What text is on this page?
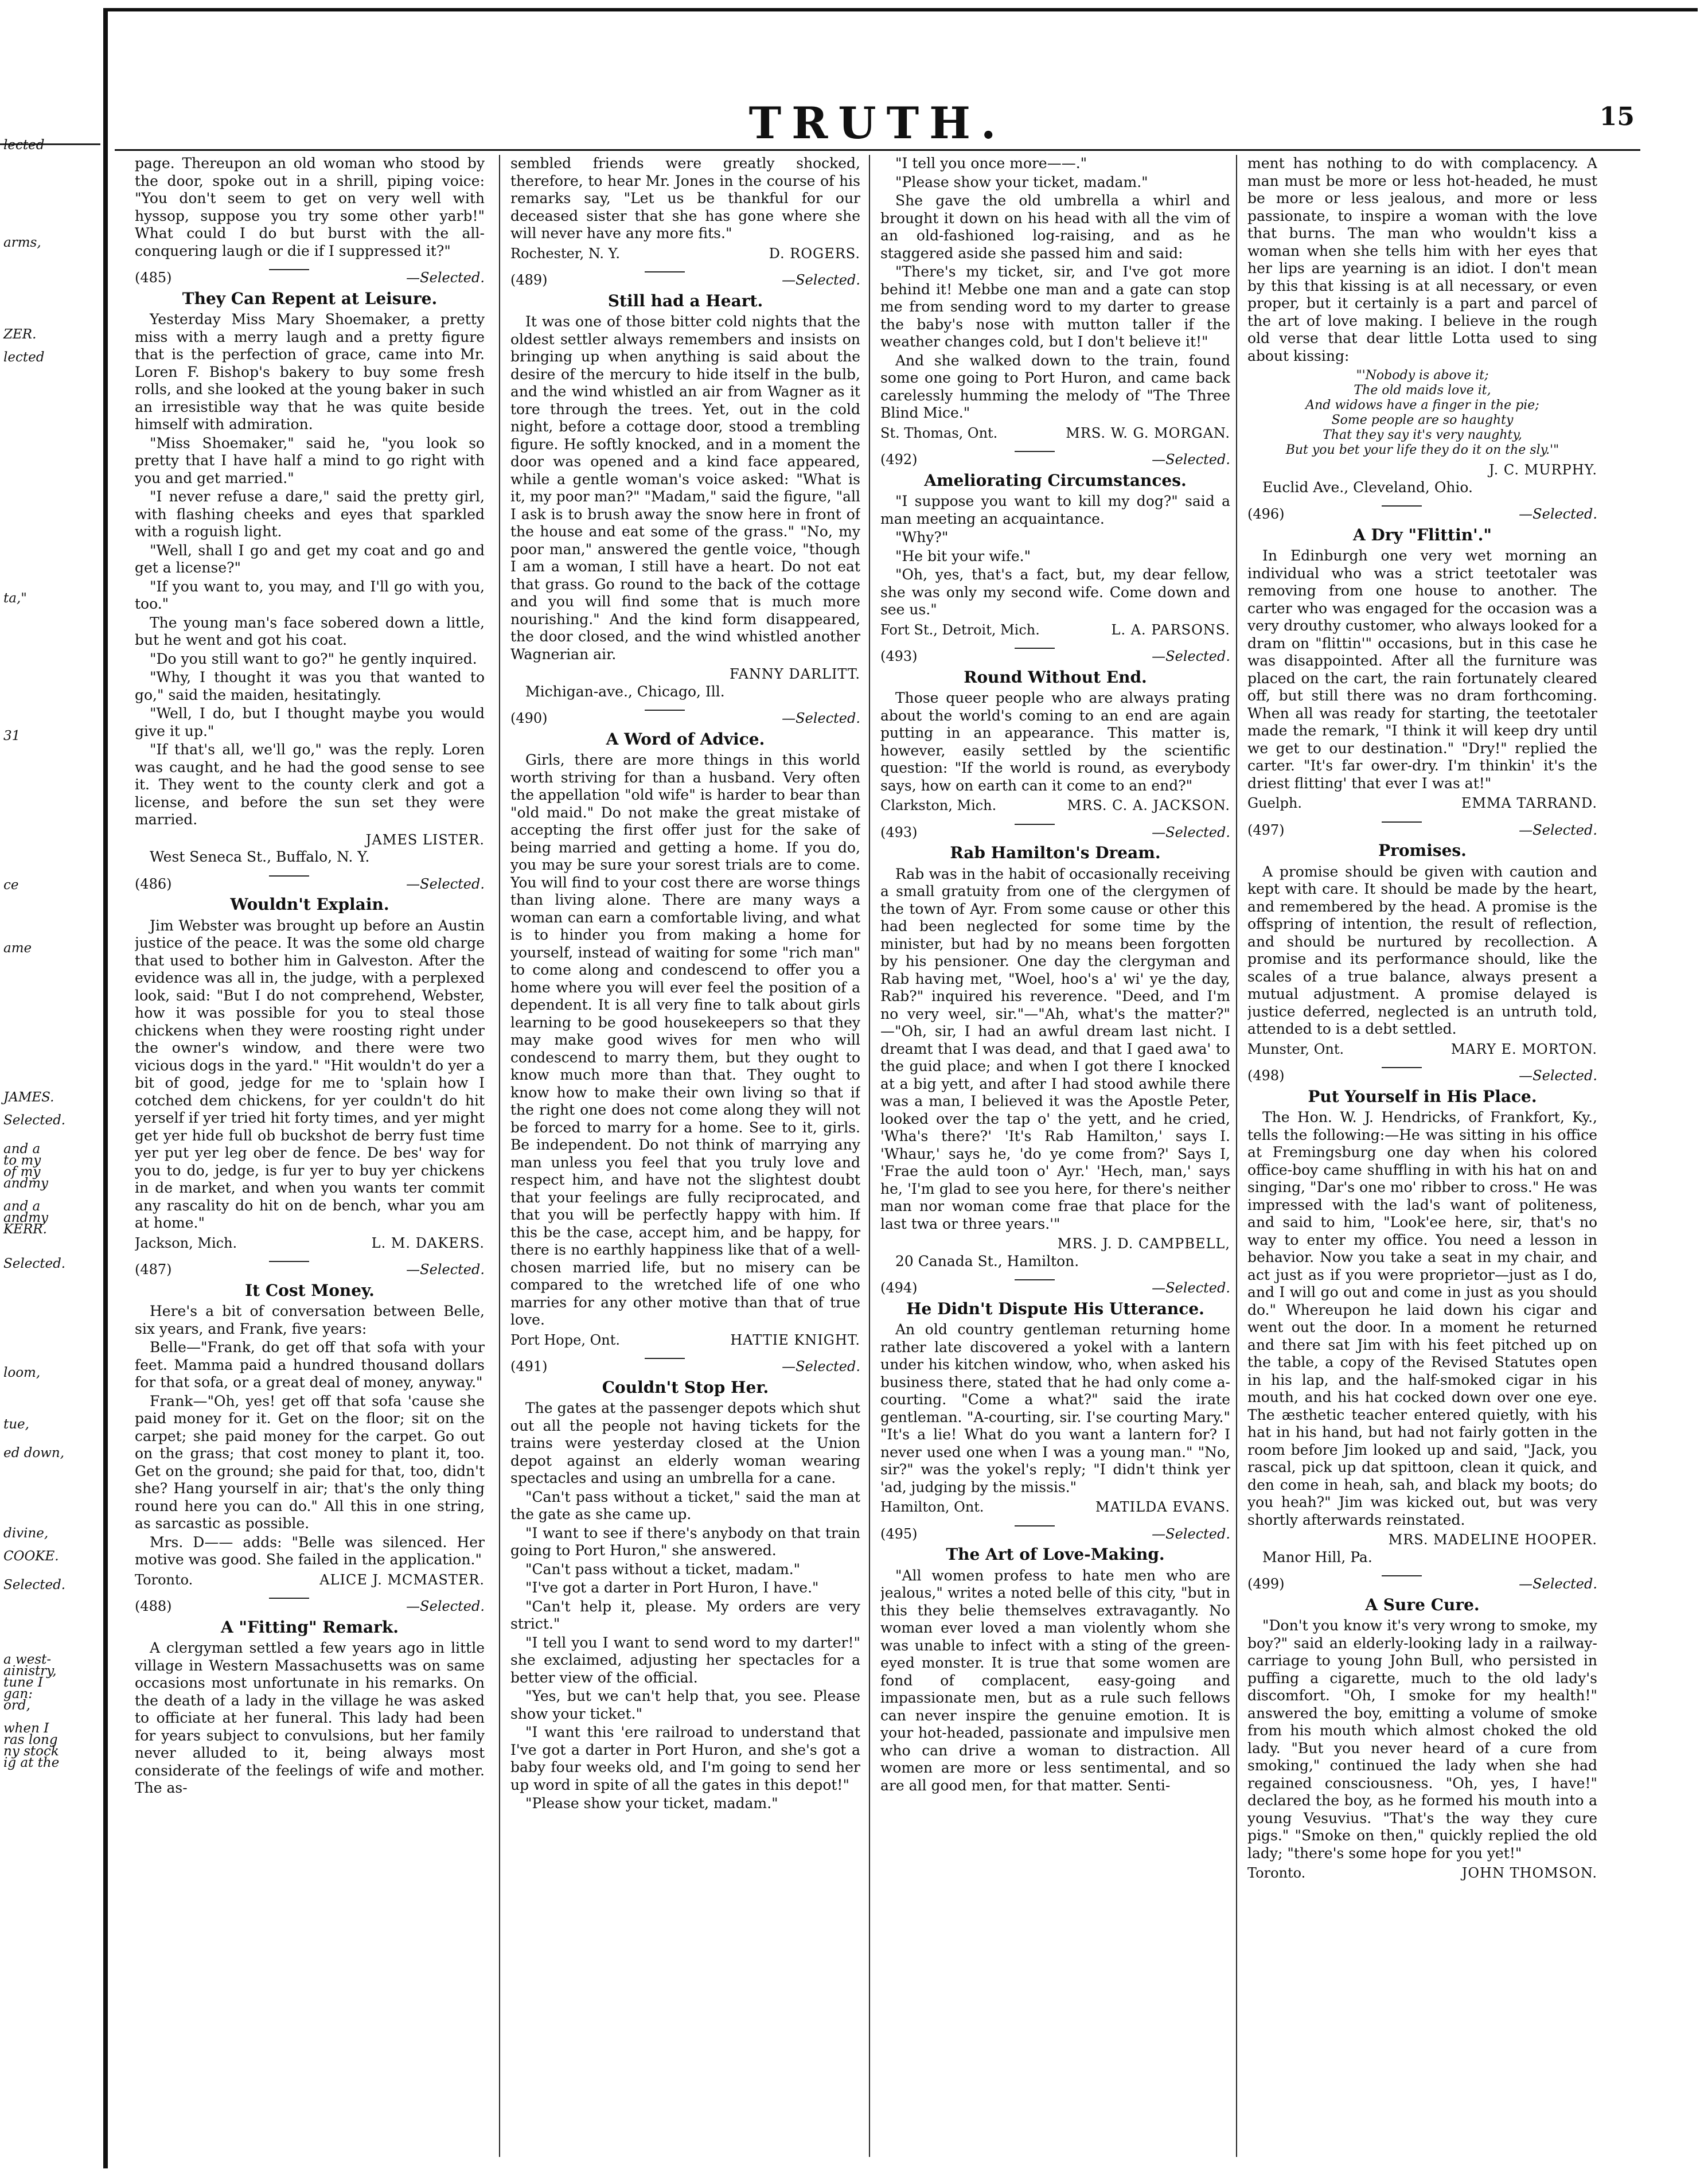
TRUTH.	15
lected
arms,
ZER.
lected
ta,"
31
ce
ame
JAMES.
Selected.
and a
to my
of my
andmy
and a
andmy
KERR.
Selected.
loom,
tue,
ed down,
divine,
COOKE.
Selected.
a west-
ainistry,
tune I
gan:
ord,
when I
ras long
ny stock
ig at the

page. Thereupon an old woman who stood by the door, spoke out in a shrill, piping voice: "You don't seem to get on very well with hyssop, suppose you try some other yarb!" What could I do but burst with the all-conquering laugh or die if I suppressed it?"

(485)	—Selected.
They Can Repent at Leisure.

Yesterday Miss Mary Shoemaker, a pretty miss with a merry laugh and a pretty figure that is the perfection of grace, came into Mr. Loren F. Bishop's bakery to buy some fresh rolls, and she looked at the young baker in such an irresistible way that he was quite beside himself with admiration.

"Miss Shoemaker," said he, "you look so pretty that I have half a mind to go right with you and get married."

"I never refuse a dare," said the pretty girl, with flashing cheeks and eyes that sparkled with a roguish light.

"Well, shall I go and get my coat and go and get a license?"

"If you want to, you may, and I'll go with you, too."

The young man's face sobered down a little, but he went and got his coat.

"Do you still want to go?" he gently inquired.

"Why, I thought it was you that wanted to go," said the maiden, hesitatingly.

"Well, I do, but I thought maybe you would give it up."

"If that's all, we'll go," was the reply. Loren was caught, and he had the good sense to see it. They went to the county clerk and got a license, and before the sun set they were married.

JAMES LISTER.
West Seneca St., Buffalo, N. Y.
(486)	—Selected.
Wouldn't Explain.

Jim Webster was brought up before an Austin justice of the peace. It was the some old charge that used to bother him in Galveston. After the evidence was all in, the judge, with a perplexed look, said: "But I do not comprehend, Webster, how it was possible for you to steal those chickens when they were roosting right under the owner's window, and there were two vicious dogs in the yard." "Hit wouldn't do yer a bit of good, jedge for me to 'splain how I cotched dem chickens, for yer couldn't do hit yerself if yer tried hit forty times, and yer might get yer hide full ob buckshot de berry fust time yer put yer leg ober de fence. De bes' way for you to do, jedge, is fur yer to buy yer chickens in de market, and when you wants ter commit any rascality do hit on de bench, whar you am at home."

Jackson, Mich.	L. M. DAKERS.
(487)	—Selected.
It Cost Money.

Here's a bit of conversation between Belle, six years, and Frank, five years:

Belle—"Frank, do get off that sofa with your feet. Mamma paid a hundred thousand dollars for that sofa, or a great deal of money, anyway."

Frank—"Oh, yes! get off that sofa 'cause she paid money for it. Get on the floor; sit on the carpet; she paid money for the carpet. Go out on the grass; that cost money to plant it, too. Get on the ground; she paid for that, too, didn't she? Hang yourself in air; that's the only thing round here you can do." All this in one string, as sarcastic as possible.

Mrs. D—— adds: "Belle was silenced. Her motive was good. She failed in the application."

Toronto.	ALICE J. MCMASTER.
(488)	—Selected.
A "Fitting" Remark.

A clergyman settled a few years ago in little village in Western Massachusetts was on same occasions most unfortunate in his remarks. On the death of a lady in the village he was asked to officiate at her funeral. This lady had been for years subject to convulsions, but her family never alluded to it, being always most considerate of the feelings of wife and mother. The as-

sembled friends were greatly shocked, therefore, to hear Mr. Jones in the course of his remarks say, "Let us be thankful for our deceased sister that she has gone where she will never have any more fits."

Rochester, N. Y.	D. ROGERS.
(489)	—Selected.
Still had a Heart.

It was one of those bitter cold nights that the oldest settler always remembers and insists on bringing up when anything is said about the desire of the mercury to hide itself in the bulb, and the wind whistled an air from Wagner as it tore through the trees. Yet, out in the cold night, before a cottage door, stood a trembling figure. He softly knocked, and in a moment the door was opened and a kind face appeared, while a gentle woman's voice asked: "What is it, my poor man?" "Madam," said the figure, "all I ask is to brush away the snow here in front of the house and eat some of the grass." "No, my poor man," answered the gentle voice, "though I am a woman, I still have a heart. Do not eat that grass. Go round to the back of the cottage and you will find some that is much more nourishing." And the kind form disappeared, the door closed, and the wind whistled another Wagnerian air.

FANNY DARLITT.
Michigan-ave., Chicago, Ill.
(490)	—Selected.
A Word of Advice.

Girls, there are more things in this world worth striving for than a husband. Very often the appellation "old wife" is harder to bear than "old maid." Do not make the great mistake of accepting the first offer just for the sake of being married and getting a home. If you do, you may be sure your sorest trials are to come. You will find to your cost there are worse things than living alone. There are many ways a woman can earn a comfortable living, and what is to hinder you from making a home for yourself, instead of waiting for some "rich man" to come along and condescend to offer you a home where you will ever feel the position of a dependent. It is all very fine to talk about girls learning to be good housekeepers so that they may make good wives for men who will condescend to marry them, but they ought to know much more than that. They ought to know how to make their own living so that if the right one does not come along they will not be forced to marry for a home. See to it, girls. Be independent. Do not think of marrying any man unless you feel that you truly love and respect him, and have not the slightest doubt that your feelings are fully reciprocated, and that you will be perfectly happy with him. If this be the case, accept him, and be happy, for there is no earthly happiness like that of a well-chosen married life, but no misery can be compared to the wretched life of one who marries for any other motive than that of true love.

Port Hope, Ont.	HATTIE KNIGHT.
(491)	—Selected.
Couldn't Stop Her.

The gates at the passenger depots which shut out all the people not having tickets for the trains were yesterday closed at the Union depot against an elderly woman wearing spectacles and using an umbrella for a cane.

"Can't pass without a ticket," said the man at the gate as she came up.

"I want to see if there's anybody on that train going to Port Huron," she answered.

"Can't pass without a ticket, madam."

"I've got a darter in Port Huron, I have."

"Can't help it, please. My orders are very strict."

"I tell you I want to send word to my darter!" she exclaimed, adjusting her spectacles for a better view of the official.

"Yes, but we can't help that, you see. Please show your ticket."

"I want this 'ere railroad to understand that I've got a darter in Port Huron, and she's got a baby four weeks old, and I'm going to send her up word in spite of all the gates in this depot!"

"Please show your ticket, madam."

"I tell you once more——."

"Please show your ticket, madam."

She gave the old umbrella a whirl and brought it down on his head with all the vim of an old-fashioned log-raising, and as he staggered aside she passed him and said:

"There's my ticket, sir, and I've got more behind it! Mebbe one man and a gate can stop me from sending word to my darter to grease the baby's nose with mutton taller if the weather changes cold, but I don't believe it!"

And she walked down to the train, found some one going to Port Huron, and came back carelessly humming the melody of "The Three Blind Mice."

St. Thomas, Ont.	MRS. W. G. MORGAN.
(492)	—Selected.
Ameliorating Circumstances.

"I suppose you want to kill my dog?" said a man meeting an acquaintance.

"Why?"

"He bit your wife."

"Oh, yes, that's a fact, but, my dear fellow, she was only my second wife. Come down and see us."

Fort St., Detroit, Mich.	L. A. PARSONS.
(493)	—Selected.
Round Without End.

Those queer people who are always prating about the world's coming to an end are again putting in an appearance. This matter is, however, easily settled by the scientific question: "If the world is round, as everybody says, how on earth can it come to an end?"

Clarkston, Mich.	MRS. C. A. JACKSON.
(493)	—Selected.
Rab Hamilton's Dream.

Rab was in the habit of occasionally receiving a small gratuity from one of the clergymen of the town of Ayr. From some cause or other this had been neglected for some time by the minister, but had by no means been forgotten by his pensioner. One day the clergyman and Rab having met, "Woel, hoo's a' wi' ye the day, Rab?" inquired his reverence. "Deed, and I'm no very weel, sir."—"Ah, what's the matter?" —"Oh, sir, I had an awful dream last nicht. I dreamt that I was dead, and that I gaed awa' to the guid place; and when I got there I knocked at a big yett, and after I had stood awhile there was a man, I believed it was the Apostle Peter, looked over the tap o' the yett, and he cried, 'Wha's there?' 'It's Rab Hamilton,' says I. 'Whaur,' says he, 'do ye come from?' Says I, 'Frae the auld toon o' Ayr.' 'Hech, man,' says he, 'I'm glad to see you here, for there's neither man nor woman come frae that place for the last twa or three years.'"

MRS. J. D. CAMPBELL,
20 Canada St., Hamilton.
(494)	—Selected.
He Didn't Dispute His Utterance.

An old country gentleman returning home rather late discovered a yokel with a lantern under his kitchen window, who, when asked his business there, stated that he had only come a-courting. "Come a what?" said the irate gentleman. "A-courting, sir. I'se courting Mary." "It's a lie! What do you want a lantern for? I never used one when I was a young man." "No, sir?" was the yokel's reply; "I didn't think yer 'ad, judging by the missis."

Hamilton, Ont.	MATILDA EVANS.
(495)	—Selected.
The Art of Love-Making.

"All women profess to hate men who are jealous," writes a noted belle of this city, "but in this they belie themselves extravagantly. No woman ever loved a man violently whom she was unable to infect with a sting of the green-eyed monster. It is true that some women are fond of complacent, easy-going and impassionate men, but as a rule such fellows can never inspire the genuine emotion. It is your hot-headed, passionate and impulsive men who can drive a woman to distraction. All women are more or less sentimental, and so are all good men, for that matter. Senti-

ment has nothing to do with complacency. A man must be more or less hot-headed, he must be more or less jealous, and more or less passionate, to inspire a woman with the love that burns. The man who wouldn't kiss a woman when she tells him with her eyes that her lips are yearning is an idiot. I don't mean by this that kissing is at all necessary, or even proper, but it certainly is a part and parcel of the art of love making. I believe in the rough old verse that dear little Lotta used to sing about kissing:

"'Nobody is above it;
The old maids love it,
And widows have a finger in the pie;
Some people are so haughty
That they say it's very naughty,
But you bet your life they do it on the sly.'"
J. C. MURPHY.
Euclid Ave., Cleveland, Ohio.
(496)	—Selected.
A Dry "Flittin'."

In Edinburgh one very wet morning an individual who was a strict teetotaler was removing from one house to another. The carter who was engaged for the occasion was a very drouthy customer, who always looked for a dram on "flittin'" occasions, but in this case he was disappointed. After all the furniture was placed on the cart, the rain fortunately cleared off, but still there was no dram forthcoming. When all was ready for starting, the teetotaler made the remark, "I think it will keep dry until we get to our destination." "Dry!" replied the carter. "It's far ower-dry. I'm thinkin' it's the driest flitting' that ever I was at!"

Guelph.	EMMA TARRAND.
(497)	—Selected.
Promises.

A promise should be given with caution and kept with care. It should be made by the heart, and remembered by the head. A promise is the offspring of intention, the result of reflection, and should be nurtured by recollection. A promise and its performance should, like the scales of a true balance, always present a mutual adjustment. A promise delayed is justice deferred, neglected is an untruth told, attended to is a debt settled.

Munster, Ont.	MARY E. MORTON.
(498)	—Selected.
Put Yourself in His Place.

The Hon. W. J. Hendricks, of Frankfort, Ky., tells the following:—He was sitting in his office at Fremingsburg one day when his colored office-boy came shuffling in with his hat on and singing, "Dar's one mo' ribber to cross." He was impressed with the lad's want of politeness, and said to him, "Look'ee here, sir, that's no way to enter my office. You need a lesson in behavior. Now you take a seat in my chair, and act just as if you were proprietor—just as I do, and I will go out and come in just as you should do." Whereupon he laid down his cigar and went out the door. In a moment he returned and there sat Jim with his feet pitched up on the table, a copy of the Revised Statutes open in his lap, and the half-smoked cigar in his mouth, and his hat cocked down over one eye. The æsthetic teacher entered quietly, with his hat in his hand, but had not fairly gotten in the room before Jim looked up and said, "Jack, you rascal, pick up dat spittoon, clean it quick, and den come in heah, sah, and black my boots; do you heah?" Jim was kicked out, but was very shortly afterwards reinstated.

MRS. MADELINE HOOPER.
Manor Hill, Pa.
(499)	—Selected.
A Sure Cure.

"Don't you know it's very wrong to smoke, my boy?" said an elderly-looking lady in a railway-carriage to young John Bull, who persisted in puffing a cigarette, much to the old lady's discomfort. "Oh, I smoke for my health!" answered the boy, emitting a volume of smoke from his mouth which almost choked the old lady. "But you never heard of a cure from smoking," continued the lady when she had regained consciousness. "Oh, yes, I have!" declared the boy, as he formed his mouth into a young Vesuvius. "That's the way they cure pigs." "Smoke on then," quickly replied the old lady; "there's some hope for you yet!"

Toronto.	JOHN THOMSON.
